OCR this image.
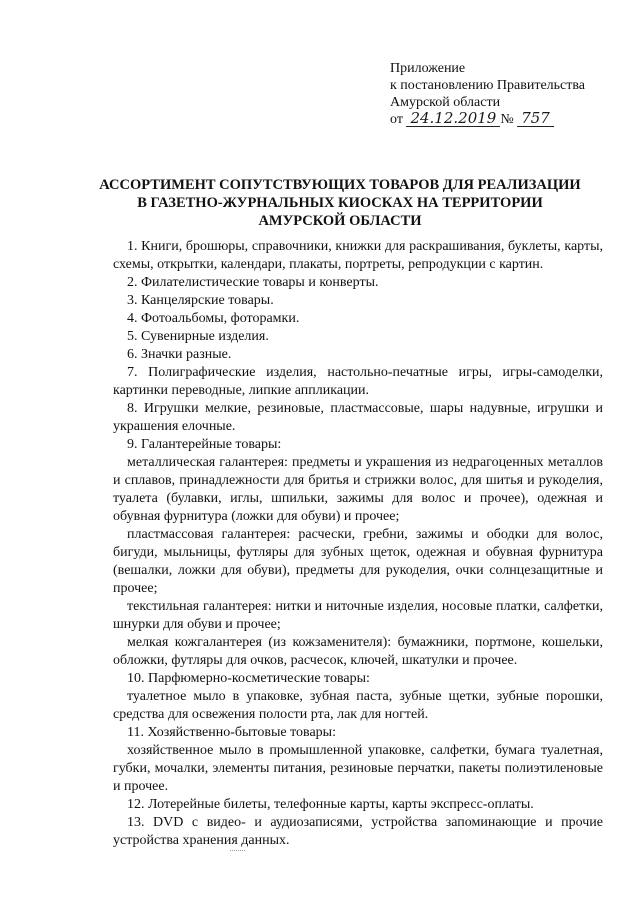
Приложение
к постановлению Правительства
Амурской области
от 24.12.2019 № 757
АССОРТИМЕНТ СОПУТСТВУЮЩИХ ТОВАРОВ ДЛЯ РЕАЛИЗАЦИИ
В ГАЗЕТНО-ЖУРНАЛЬНЫХ КИОСКАХ НА ТЕРРИТОРИИ
АМУРСКОЙ ОБЛАСТИ

1. Книги, брошюры, справочники, книжки для раскрашивания, буклеты, карты, схемы, открытки, календари, плакаты, портреты, репродукции с картин.

2. Филателистические товары и конверты.

3. Канцелярские товары.

4. Фотоальбомы, фоторамки.

5. Сувенирные изделия.

6. Значки разные.

7. Полиграфические изделия, настольно-печатные игры, игры-самоделки, картинки переводные, липкие аппликации.

8. Игрушки мелкие, резиновые, пластмассовые, шары надувные, игрушки и украшения елочные.

9. Галантерейные товары:

металлическая галантерея: предметы и украшения из недрагоценных металлов и сплавов, принадлежности для бритья и стрижки волос, для шитья и рукоделия, туалета (булавки, иглы, шпильки, зажимы для волос и прочее), одежная и обувная фурнитура (ложки для обуви) и прочее;

пластмассовая галантерея: расчески, гребни, зажимы и ободки для волос, бигуди, мыльницы, футляры для зубных щеток, одежная и обувная фурнитура (вешалки, ложки для обуви), предметы для рукоделия, очки солнцезащитные и прочее;

текстильная галантерея: нитки и ниточные изделия, носовые платки, салфетки, шнурки для обуви и прочее;

мелкая кожгалантерея (из кожзаменителя): бумажники, портмоне, кошельки, обложки, футляры для очков, расчесок, ключей, шкатулки и прочее.

10. Парфюмерно-косметические товары:

туалетное мыло в упаковке, зубная паста, зубные щетки, зубные порошки, средства для освежения полости рта, лак для ногтей.

11. Хозяйственно-бытовые товары:

хозяйственное мыло в промышленной упаковке, салфетки, бумага туалетная, губки, мочалки, элементы питания, резиновые перчатки, пакеты полиэтиленовые и прочее.

12. Лотерейные билеты, телефонные карты, карты экспресс-оплаты.

13. DVD с видео- и аудиозаписями, устройства запоминающие и прочие устройства хранения данных.
